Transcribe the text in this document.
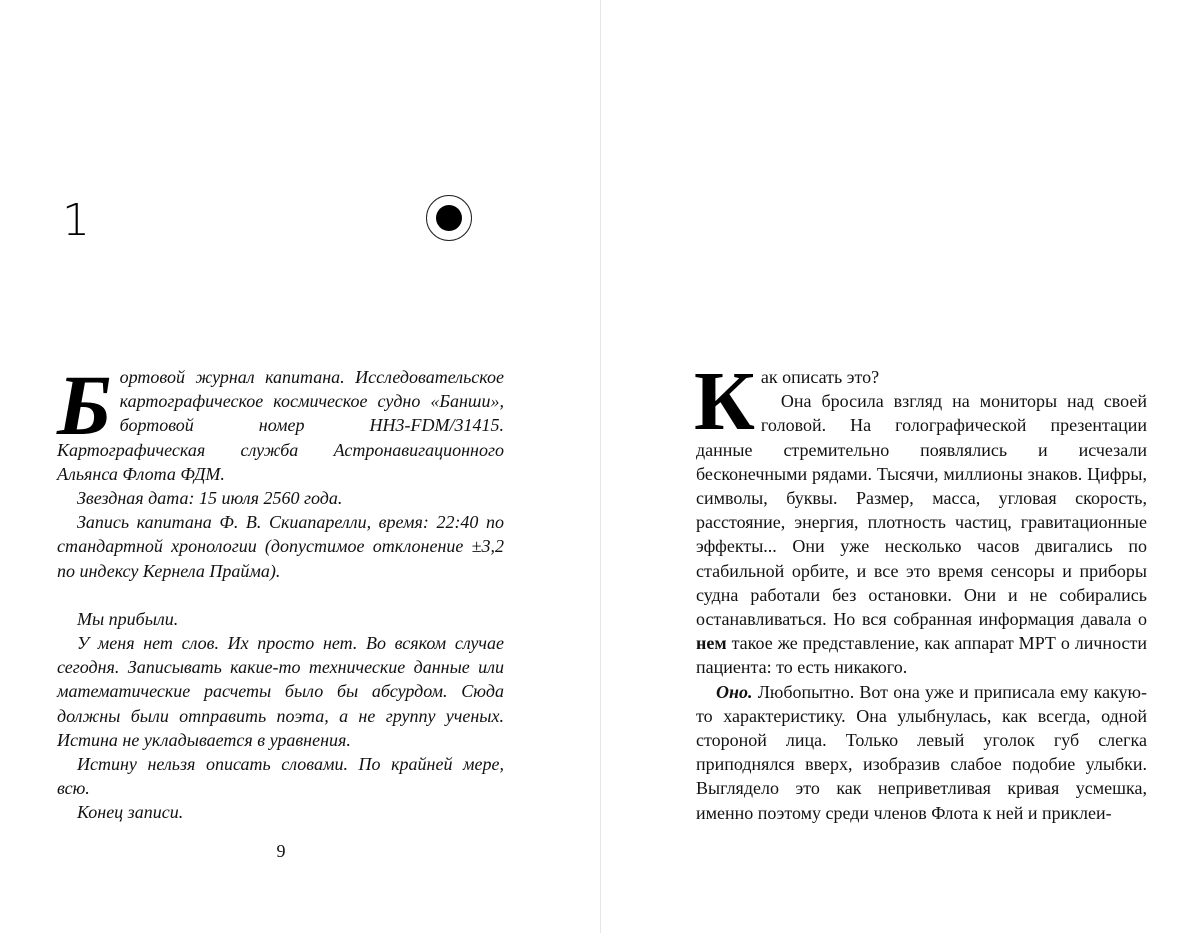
1

Бортовой журнал капитана. Исследовательское картографическое космическое судно «Банши», бортовой номер НН3-FDM/31415. Картографическая служба Астронавигационного Альянса Флота ФДМ.

Звездная дата: 15 июля 2560 года.

Запись капитана Ф. В. Скиапарелли, время: 22:40 по стандартной хронологии (допустимое отклонение ±3,2 по индексу Кернела Прайма).

Мы прибыли.

У меня нет слов. Их просто нет. Во всяком случае сегодня. Записывать какие-то технические данные или математические расчеты было бы абсурдом. Сюда должны были отправить поэта, а не группу ученых. Истина не укладывается в уравнения.

Истину нельзя описать словами. По крайней мере, всю.

Конец записи.

9

Как описать это?

Она бросила взгляд на мониторы над своей головой. На голографической презентации данные стремительно появлялись и исчезали бесконечными рядами. Тысячи, миллионы знаков. Цифры, символы, буквы. Размер, масса, угловая скорость, расстояние, энергия, плотность частиц, гравитационные эффекты... Они уже несколько часов двигались по стабильной орбите, и все это время сенсоры и приборы судна работали без остановки. Они и не собирались останавливаться. Но вся собранная информация давала о нем такое же представление, как аппарат МРТ о личности пациента: то есть никакого.

Оно. Любопытно. Вот она уже и приписала ему какую-то характеристику. Она улыбнулась, как всегда, одной стороной лица. Только левый уголок губ слегка приподнялся вверх, изобразив слабое подобие улыбки. Выглядело это как неприветливая кривая усмешка, именно поэтому среди членов Флота к ней и приклеи-
